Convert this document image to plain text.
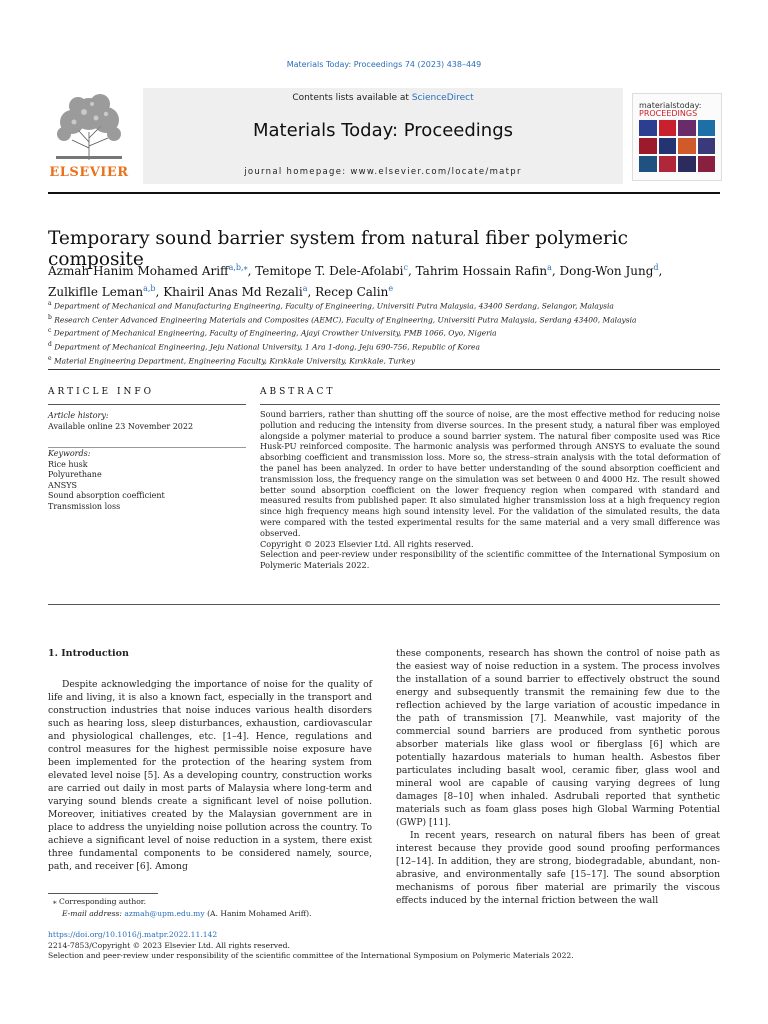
Materials Today: Proceedings 74 (2023) 438–449
ELSEVIER
Contents lists available at ScienceDirect
Materials Today: Proceedings
journal homepage: www.elsevier.com/locate/matpr
materialstoday:
PROCEEDINGS
Temporary sound barrier system from natural fiber polymeric composite
Azmah Hanim Mohamed Ariff$^{a,b,⁎}$, Temitope T. Dele-Afolabi$^c$, Tahrim Hossain Rafin$^a$, Dong-Won Jung$^d$,
Zulkiflle Leman$^{a,b}$, Khairil Anas Md Rezali$^a$, Recep Calin$^e$
$^a$ Department of Mechanical and Manufacturing Engineering, Faculty of Engineering, Universiti Putra Malaysia, 43400 Serdang, Selangor, Malaysia
$^b$ Research Center Advanced Engineering Materials and Composites (AEMC), Faculty of Engineering, Universiti Putra Malaysia, Serdang 43400, Malaysia
$^c$ Department of Mechanical Engineering, Faculty of Engineering, Ajayi Crowther University, PMB 1066, Oyo, Nigeria
$^d$ Department of Mechanical Engineering, Jeju National University, 1 Ara 1-dong, Jeju 690-756, Republic of Korea
$^e$ Material Engineering Department, Engineering Faculty, Kırıkkale University, Kırıkkale, Turkey
ARTICLE INFO
Article history:
Available online 23 November 2022
Keywords:
Rice husk
Polyurethane
ANSYS
Sound absorption coefficient
Transmission loss
ABSTRACT

Sound barriers, rather than shutting off the source of noise, are the most effective method for reducing noise pollution and reducing the intensity from diverse sources. In the present study, a natural fiber was employed alongside a polymer material to produce a sound barrier system. The natural fiber composite used was Rice Husk-PU reinforced composite. The harmonic analysis was performed through ANSYS to evaluate the sound absorbing coefficient and transmission loss. More so, the stress–strain analysis with the total deformation of the panel has been analyzed. In order to have better understanding of the sound absorption coefficient and transmission loss, the frequency range on the simulation was set between 0 and 4000 Hz. The result showed better sound absorption coefficient on the lower frequency region when compared with standard and measured results from published paper. It also simulated higher transmission loss at a high frequency region since high frequency means high sound intensity level. For the validation of the simulated results, the data were compared with the tested experimental results for the same material and a very small difference was observed.

Copyright © 2023 Elsevier Ltd. All rights reserved.

Selection and peer-review under responsibility of the scientific committee of the International Symposium on Polymeric Materials 2022.

1. Introduction

Despite acknowledging the importance of noise for the quality of life and living, it is also a known fact, especially in the transport and construction industries that noise induces various health disorders such as hearing loss, sleep disturbances, exhaustion, cardiovascular and physiological challenges, etc. [1–4]. Hence, regulations and control measures for the highest permissible noise exposure have been implemented for the protection of the hearing system from elevated level noise [5]. As a developing country, construction works are carried out daily in most parts of Malaysia where long-term and varying sound blends create a significant level of noise pollution. Moreover, initiatives created by the Malaysian government are in place to address the unyielding noise pollution across the country. To achieve a significant level of noise reduction in a system, there exist three fundamental components to be considered namely, source, path, and receiver [6]. Among

these components, research has shown the control of noise path as the easiest way of noise reduction in a system. The process involves the installation of a sound barrier to effectively obstruct the sound energy and subsequently transmit the remaining few due to the reflection achieved by the large variation of acoustic impedance in the path of transmission [7]. Meanwhile, vast majority of the commercial sound barriers are produced from synthetic porous absorber materials like glass wool or fiberglass [6] which are potentially hazardous materials to human health. Asbestos fiber particulates including basalt wool, ceramic fiber, glass wool and mineral wool are capable of causing varying degrees of lung damages [8–10] when inhaled. Asdrubali reported that synthetic materials such as foam glass poses high Global Warming Potential (GWP) [11].

In recent years, research on natural fibers has been of great interest because they provide good sound proofing performances [12–14]. In addition, they are strong, biodegradable, abundant, non-abrasive, and environmentally safe [15–17]. The sound absorption mechanisms of porous fiber material are primarily the viscous effects induced by the internal friction between the wall

⁎ Corresponding author.
E-mail address: azmah@upm.edu.my (A. Hanim Mohamed Ariff).
https://doi.org/10.1016/j.matpr.2022.11.142
2214-7853/Copyright © 2023 Elsevier Ltd. All rights reserved.
Selection and peer-review under responsibility of the scientific committee of the International Symposium on Polymeric Materials 2022.
